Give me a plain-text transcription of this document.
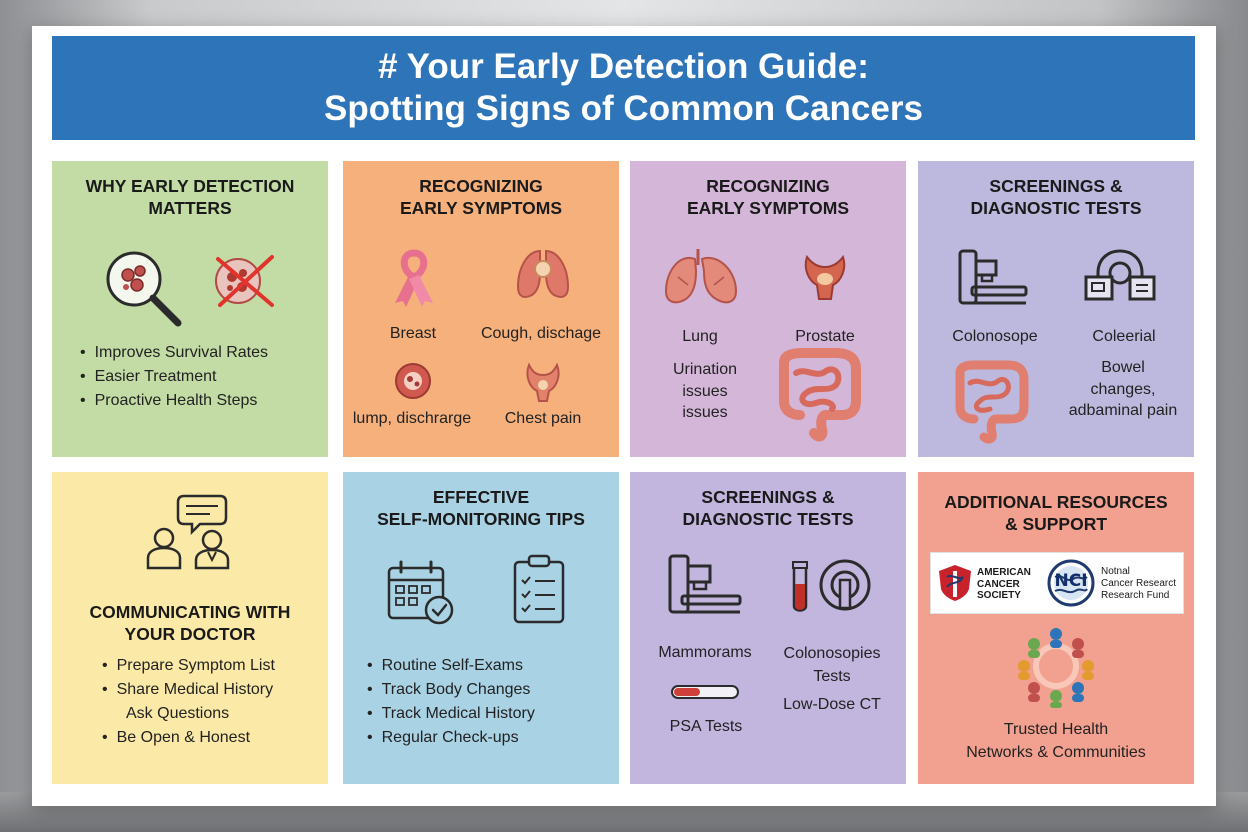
# Your Early Detection Guide:
Spotting Signs of Common Cancers
WHY EARLY DETECTION
MATTERS
• Improves Survival Rates
• Easier Treatment
• Proactive Health Steps
RECOGNIZING
EARLY SYMPTOMS
Breast	Cough, dischage
lump, dischrarge	Chest pain
RECOGNIZING
EARLY SYMPTOMS
Lung	Prostate
Urination
issues
issues
SCREENINGS &
DIAGNOSTIC TESTS
Colonosope	Coleerial
Bowel
changes,
adbaminal pain
COMMUNICATING WITH
YOUR DOCTOR
• Prepare Symptom List
• Share Medical History
Ask Questions
• Be Open & Honest
EFFECTIVE
SELF-MONITORING TIPS
• Routine Self-Exams
• Track Body Changes
• Track Medical History
• Regular Check-ups
SCREENINGS &
DIAGNOSTIC TESTS
Mammorams	Colonosopies
Tests
Low-Dose CT
PSA Tests
ADDITIONAL RESOURCES
& SUPPORT
AMERICAN
CANCER
SOCIETY
NCI	Notnal
Cancer Researct
Research Fund
Trusted Health
Networks & Communities
